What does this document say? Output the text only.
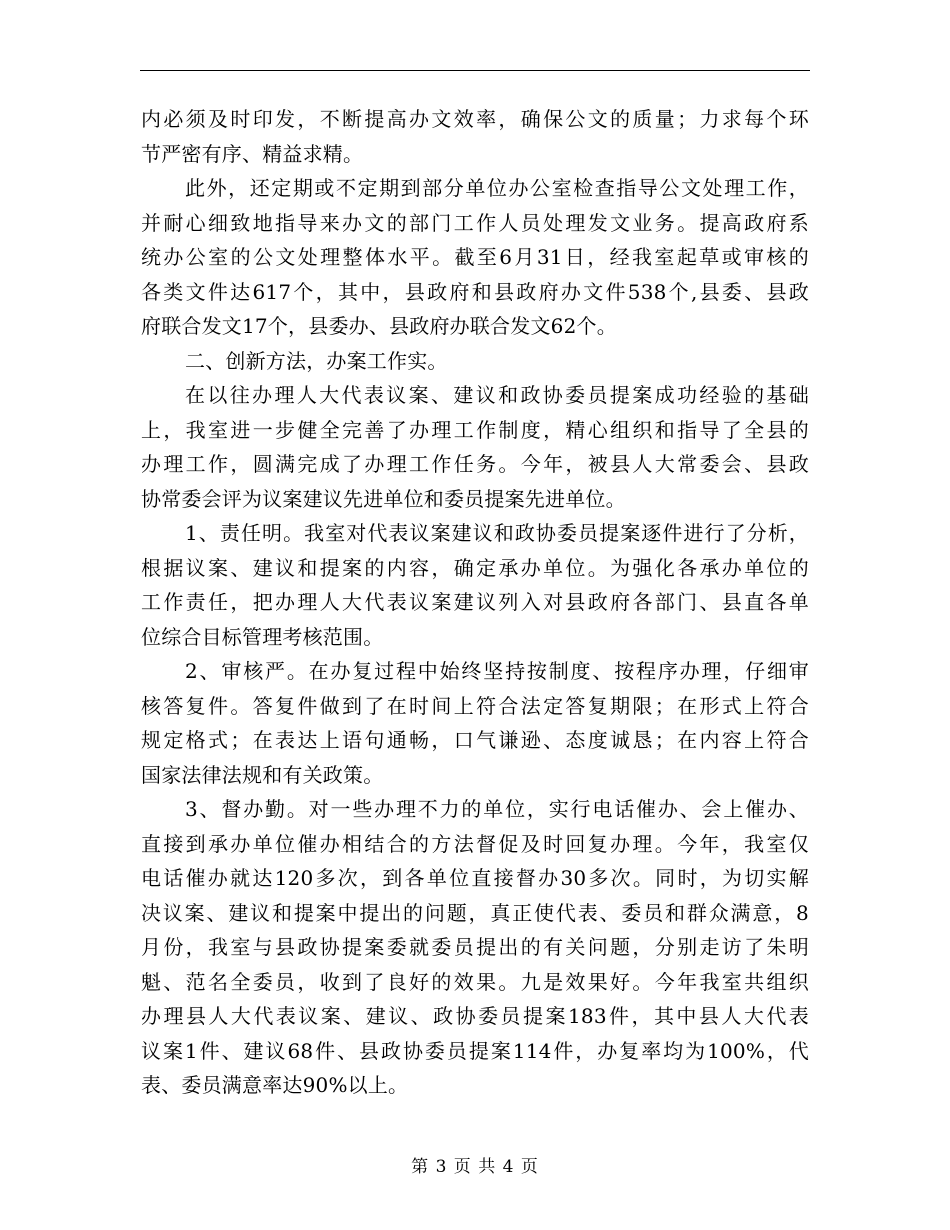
内必须及时印发，不断提高办文效率，确保公文的质量；力求每个环
节严密有序、精益求精。
此外，还定期或不定期到部分单位办公室检查指导公文处理工作，
并耐心细致地指导来办文的部门工作人员处理发文业务。提高政府系
统办公室的公文处理整体水平。截至6月31日，经我室起草或审核的
各类文件达617个，其中，县政府和县政府办文件538个,县委、县政
府联合发文17个，县委办、县政府办联合发文62个。
二、创新方法，办案工作实。
在以往办理人大代表议案、建议和政协委员提案成功经验的基础
上，我室进一步健全完善了办理工作制度，精心组织和指导了全县的
办理工作，圆满完成了办理工作任务。今年，被县人大常委会、县政
协常委会评为议案建议先进单位和委员提案先进单位。
1、责任明。我室对代表议案建议和政协委员提案逐件进行了分析，
根据议案、建议和提案的内容，确定承办单位。为强化各承办单位的
工作责任，把办理人大代表议案建议列入对县政府各部门、县直各单
位综合目标管理考核范围。
2、审核严。在办复过程中始终坚持按制度、按程序办理，仔细审
核答复件。答复件做到了在时间上符合法定答复期限；在形式上符合
规定格式；在表达上语句通畅，口气谦逊、态度诚恳；在内容上符合
国家法律法规和有关政策。
3、督办勤。对一些办理不力的单位，实行电话催办、会上催办、
直接到承办单位催办相结合的方法督促及时回复办理。今年，我室仅
电话催办就达120多次，到各单位直接督办30多次。同时，为切实解
决议案、建议和提案中提出的问题，真正使代表、委员和群众满意，8
月份，我室与县政协提案委就委员提出的有关问题，分别走访了朱明
魁、范名全委员，收到了良好的效果。九是效果好。今年我室共组织
办理县人大代表议案、建议、政协委员提案183件，其中县人大代表
议案1件、建议68件、县政协委员提案114件，办复率均为100%，代
表、委员满意率达90%以上。
第 3 页 共 4 页
